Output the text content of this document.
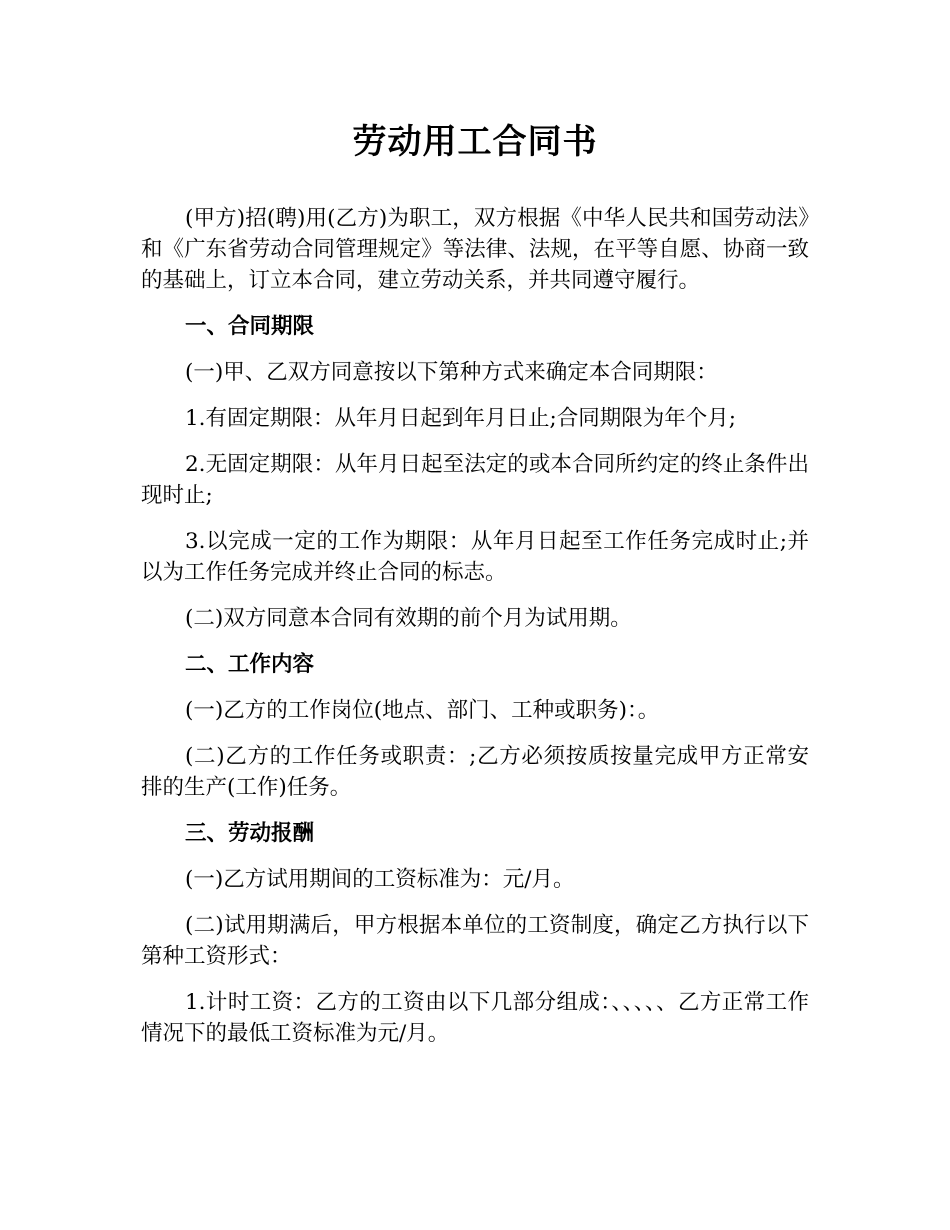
劳动用工合同书

(甲方)招(聘)用(乙方)为职工，双方根据《中华人民共和国劳动法》和《广东省劳动合同管理规定》等法律、法规，在平等自愿、协商一致的基础上，订立本合同，建立劳动关系，并共同遵守履行。

一、合同期限

(一)甲、乙双方同意按以下第种方式来确定本合同期限：

1.有固定期限：从年月日起到年月日止;合同期限为年个月;

2.无固定期限：从年月日起至法定的或本合同所约定的终止条件出现时止;

3.以完成一定的工作为期限：从年月日起至工作任务完成时止;并以为工作任务完成并终止合同的标志。

(二)双方同意本合同有效期的前个月为试用期。

二、工作内容

(一)乙方的工作岗位(地点、部门、工种或职务)：。

(二)乙方的工作任务或职责：;乙方必须按质按量完成甲方正常安排的生产(工作)任务。

三、劳动报酬

(一)乙方试用期间的工资标准为：元/月。

(二)试用期满后，甲方根据本单位的工资制度，确定乙方执行以下第种工资形式：

1.计时工资：乙方的工资由以下几部分组成：、、、、、乙方正常工作情况下的最低工资标准为元/月。
